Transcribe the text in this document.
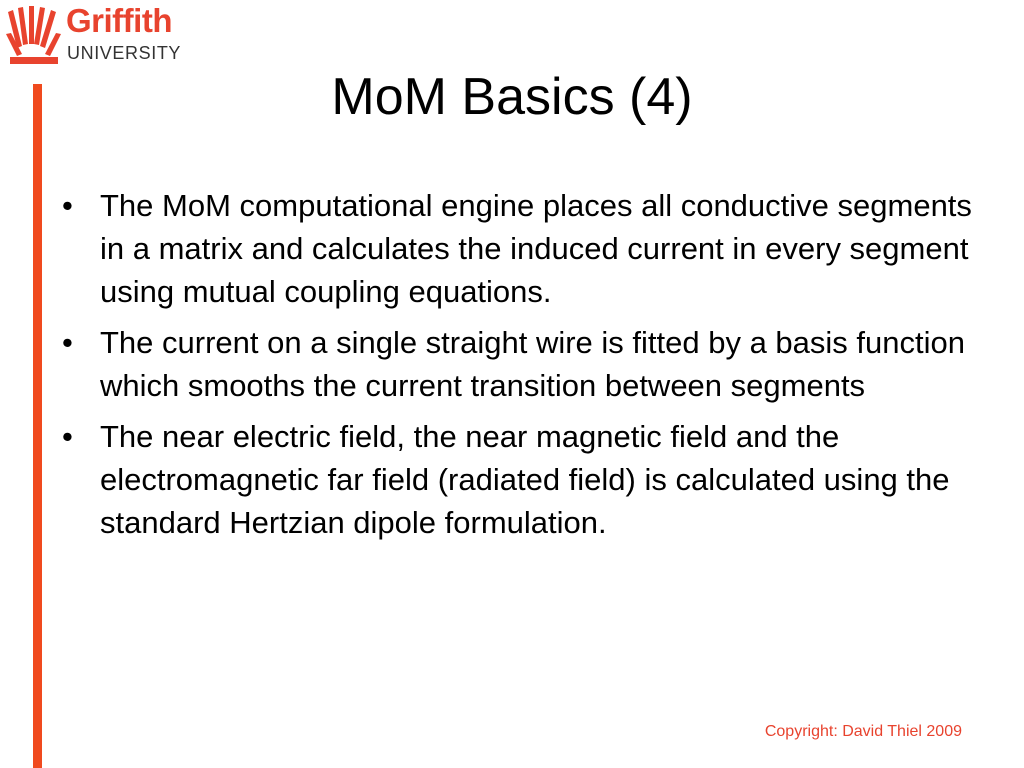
Griffith
UNIVERSITY
MoM Basics (4)
• The MoM computational engine places all conductive segments in a matrix and calculates the induced current in every segment using mutual coupling equations.
• The current on a single straight wire is fitted by a basis function which smooths the current transition between segments
• The near electric field, the near magnetic field and the electromagnetic far field (radiated field) is calculated using the standard Hertzian dipole formulation.
Copyright: David Thiel 2009
